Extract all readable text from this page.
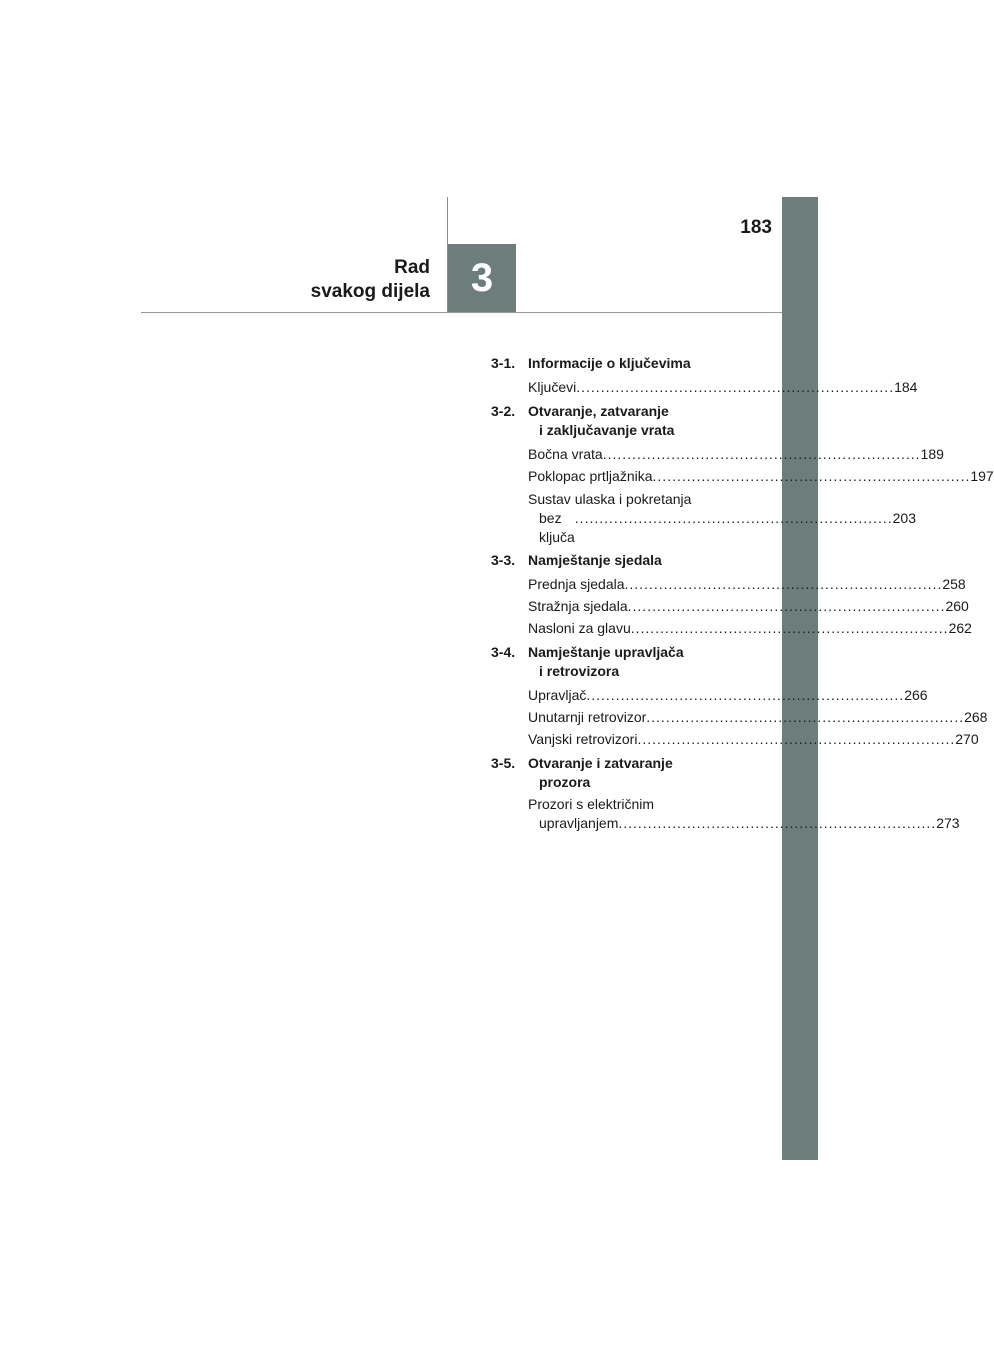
3
183
Rad
svakog dijela
3-1. Informacije o ključevima
Ključevi ................................................................. 184
3-2. Otvaranje, zatvaranje
i zaključavanje vrata
Bočna vrata ................................................................. 189
Poklopac prtljažnika ................................................................. 197
Sustav ulaska i pokretanja
bez ključa
................................................................. 203
3-3. Namještanje sjedala
Prednja sjedala ................................................................. 258
Stražnja sjedala ................................................................. 260
Nasloni za glavu ................................................................. 262
3-4. Namještanje upravljača
i retrovizora
Upravljač ................................................................. 266
Unutarnji retrovizor ................................................................. 268
Vanjski retrovizori ................................................................. 270
3-5. Otvaranje i zatvaranje
prozora
Prozori s električnim
upravljanjem ................................................................. 273
